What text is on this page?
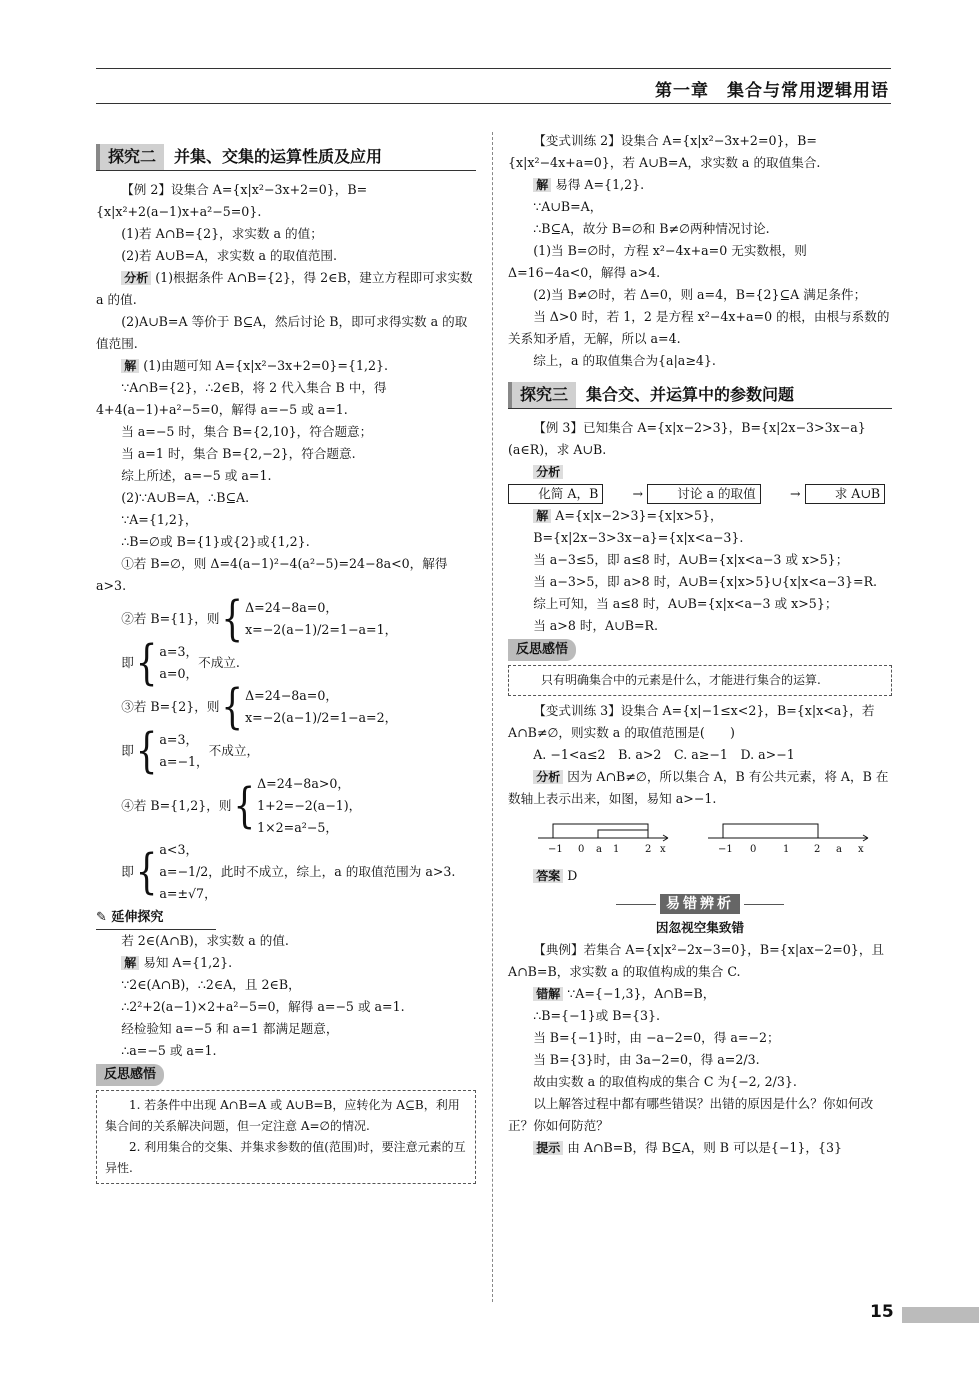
第一章　集合与常用逻辑用语
探究二	并集、交集的运算性质及应用

【例 2】设集合 A={x|x²−3x+2=0}，B={x|x²+2(a−1)x+a²−5=0}.

(1)若 A∩B={2}，求实数 a 的值；

(2)若 A∪B=A，求实数 a 的取值范围.

分析 (1)根据条件 A∩B={2}，得 2∈B，建立方程即可求实数 a 的值.

(2)A∪B=A 等价于 B⊆A，然后讨论 B，即可求得实数 a 的取值范围.

解 (1)由题可知 A={x|x²−3x+2=0}={1,2}.

∵A∩B={2}，∴2∈B，将 2 代入集合 B 中，得 4+4(a−1)+a²−5=0，解得 a=−5 或 a=1.

当 a=−5 时，集合 B={2,10}，符合题意；

当 a=1 时，集合 B={2,−2}，符合题意.

综上所述，a=−5 或 a=1.

(2)∵A∪B=A，∴B⊆A.

∵A={1,2}，

∴B=∅或 B={1}或{2}或{1,2}.

①若 B=∅，则 Δ=4(a−1)²−4(a²−5)=24−8a<0，解得 a>3.

②若 B={1}，则 { Δ=24−8a=0，
x=−2(a−1)/2=1−a=1，
即 { a=3，
a=0，
不成立.
③若 B={2}，则 { Δ=24−8a=0，
x=−2(a−1)/2=1−a=2，
即 { a=3，
a=−1，
不成立，
④若 B={1,2}，则 { Δ=24−8a>0，
1+2=−2(a−1)，
1×2=a²−5，
即 { a<3，
a=−1/2，此时不成立，综上，a 的取值范围为 a>3.
a=±√7，
✎ 延伸探究

若 2∈(A∩B)，求实数 a 的值.

解 易知 A={1,2}.

∵2∈(A∩B)，∴2∈A，且 2∈B，

∴2²+2(a−1)×2+a²−5=0，解得 a=−5 或 a=1.

经检验知 a=−5 和 a=1 都满足题意，

∴a=−5 或 a=1.

反思感悟

1. 若条件中出现 A∩B=A 或 A∪B=B，应转化为 A⊆B，利用集合间的关系解决问题，但一定注意 A=∅的情况.

2. 利用集合的交集、并集求参数的值(范围)时，要注意元素的互异性.

【变式训练 2】设集合 A={x|x²−3x+2=0}，B={x|x²−4x+a=0}，若 A∪B=A，求实数 a 的取值集合.

解 易得 A={1,2}.

∵A∪B=A，

∴B⊆A，故分 B=∅和 B≠∅两种情况讨论.

(1)当 B=∅时，方程 x²−4x+a=0 无实数根，则 Δ=16−4a<0，解得 a>4.

(2)当 B≠∅时，若 Δ=0，则 a=4，B={2}⊆A 满足条件；

当 Δ>0 时，若 1，2 是方程 x²−4x+a=0 的根，由根与系数的关系知矛盾，无解，所以 a=4.

综上，a 的取值集合为{a|a≥4}.

探究三	集合交、并运算中的参数问题

【例 3】已知集合 A={x|x−2>3}，B={x|2x−3>3x−a}(a∈R)，求 A∪B.

分析
化简 A，B	→	讨论 a 的取值	→	求 A∪B

解 A={x|x−2>3}={x|x>5}，

B={x|2x−3>3x−a}={x|x<a−3}.

当 a−3≤5，即 a≤8 时，A∪B={x|x<a−3 或 x>5}；

当 a−3>5，即 a>8 时，A∪B={x|x>5}∪{x|x<a−3}=R.

综上可知，当 a≤8 时，A∪B={x|x<a−3 或 x>5}；

当 a>8 时，A∪B=R.

反思感悟

只有明确集合中的元素是什么，才能进行集合的运算.

【变式训练 3】设集合 A={x|−1≤x<2}，B={x|x<a}，若 A∩B≠∅，则实数 a 的取值范围是(　　)

A. −1<a≤2　 B. a>2　 C. a≥−1　 D. a>−1

分析 因为 A∩B≠∅，所以集合 A，B 有公共元素，将 A，B 在数轴上表示出来，如图，易知 a>−1.

−1 0 a 1	2 x	−1 0	1 2 a x

答案 D

易错辨析
因忽视空集致错

【典例】若集合 A={x|x²−2x−3=0}，B={x|ax−2=0}，且 A∩B=B，求实数 a 的取值构成的集合 C.

错解 ∵A={−1,3}，A∩B=B，

∴B={−1}或 B={3}.

当 B={−1}时，由 −a−2=0，得 a=−2；

当 B={3}时，由 3a−2=0，得 a=2/3.

故由实数 a 的取值构成的集合 C 为{−2, 2/3}.

以上解答过程中都有哪些错误？出错的原因是什么？你如何改正？你如何防范？

提示 由 A∩B=B，得 B⊆A，则 B 可以是{−1}，{3}

15
